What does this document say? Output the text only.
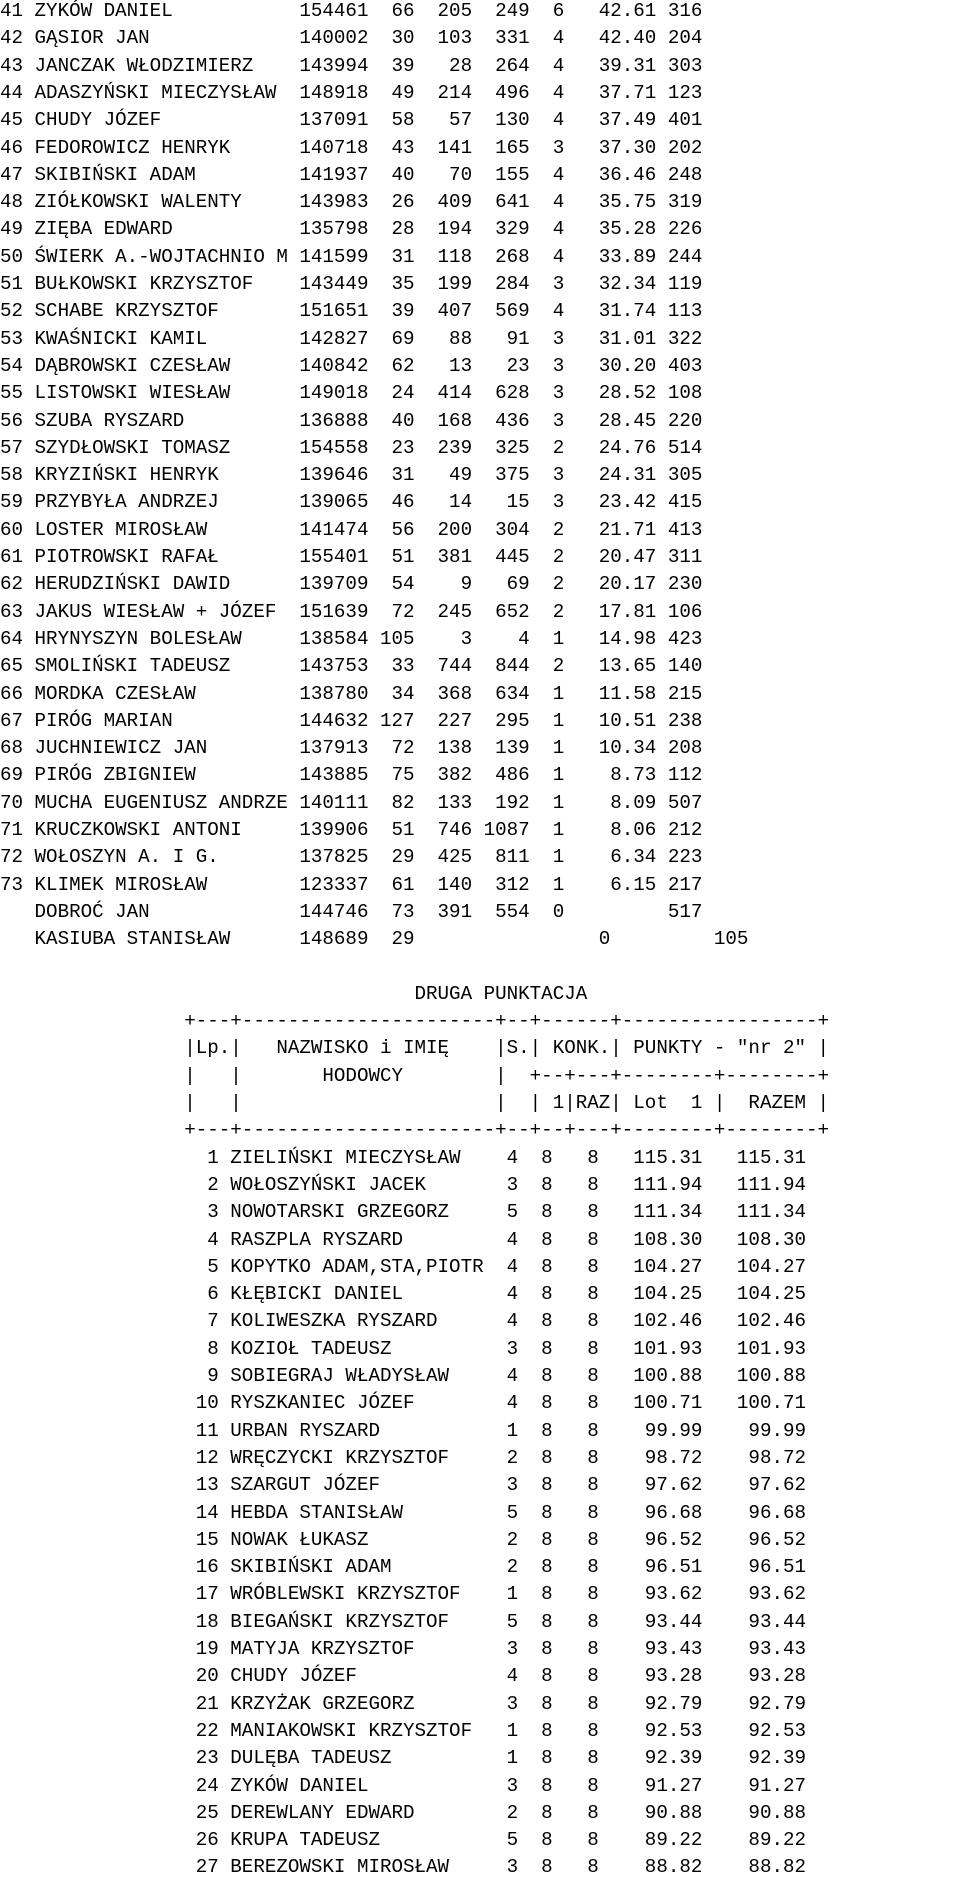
41 ZYKÓW DANIEL           154461  66  205  249  6   42.61 316
42 GĄSIOR JAN             140002  30  103  331  4   42.40 204
43 JANCZAK WŁODZIMIERZ    143994  39   28  264  4   39.31 303
44 ADASZYŃSKI MIECZYSŁAW  148918  49  214  496  4   37.71 123
45 CHUDY JÓZEF            137091  58   57  130  4   37.49 401
46 FEDOROWICZ HENRYK      140718  43  141  165  3   37.30 202
47 SKIBIŃSKI ADAM         141937  40   70  155  4   36.46 248
48 ZIÓŁKOWSKI WALENTY     143983  26  409  641  4   35.75 319
49 ZIĘBA EDWARD           135798  28  194  329  4   35.28 226
50 ŚWIERK A.-WOJTACHNIO M 141599  31  118  268  4   33.89 244
51 BUŁKOWSKI KRZYSZTOF    143449  35  199  284  3   32.34 119
52 SCHABE KRZYSZTOF       151651  39  407  569  4   31.74 113
53 KWAŚNICKI KAMIL        142827  69   88   91  3   31.01 322
54 DĄBROWSKI CZESŁAW      140842  62   13   23  3   30.20 403
55 LISTOWSKI WIESŁAW      149018  24  414  628  3   28.52 108
56 SZUBA RYSZARD          136888  40  168  436  3   28.45 220
57 SZYDŁOWSKI TOMASZ      154558  23  239  325  2   24.76 514
58 KRYZIŃSKI HENRYK       139646  31   49  375  3   24.31 305
59 PRZYBYŁA ANDRZEJ       139065  46   14   15  3   23.42 415
60 LOSTER MIROSŁAW        141474  56  200  304  2   21.71 413
61 PIOTROWSKI RAFAŁ       155401  51  381  445  2   20.47 311
62 HERUDZIŃSKI DAWID      139709  54    9   69  2   20.17 230
63 JAKUS WIESŁAW + JÓZEF  151639  72  245  652  2   17.81 106
64 HRYNYSZYN BOLESŁAW     138584 105    3    4  1   14.98 423
65 SMOLIŃSKI TADEUSZ      143753  33  744  844  2   13.65 140
66 MORDKA CZESŁAW         138780  34  368  634  1   11.58 215
67 PIRÓG MARIAN           144632 127  227  295  1   10.51 238
68 JUCHNIEWICZ JAN        137913  72  138  139  1   10.34 208
69 PIRÓG ZBIGNIEW         143885  75  382  486  1    8.73 112
70 MUCHA EUGENIUSZ ANDRZE 140111  82  133  192  1    8.09 507
71 KRUCZKOWSKI ANTONI     139906  51  746 1087  1    8.06 212
72 WOŁOSZYN A. I G.       137825  29  425  811  1    6.34 223
73 KLIMEK MIROSŁAW        123337  61  140  312  1    6.15 217
DOBROĆ JAN             144746  73  391  554  0         517
KASIUBA STANISŁAW      148689  29                0         105
DRUGA PUNKTACJA
+---+----------------------+--+------+-----------------+
|Lp.|   NAZWISKO i IMIĘ    |S.| KONK.| PUNKTY - "nr 2" |
|   |       HODOWCY        |  +--+---+--------+--------+
|   |                      |  | 1|RAZ| Lot  1 |  RAZEM |
+---+----------------------+--+--+---+--------+--------+
1 ZIELIŃSKI MIECZYSŁAW    4  8   8   115.31   115.31
2 WOŁOSZYŃSKI JACEK       3  8   8   111.94   111.94
3 NOWOTARSKI GRZEGORZ     5  8   8   111.34   111.34
4 RASZPLA RYSZARD         4  8   8   108.30   108.30
5 KOPYTKO ADAM,STA,PIOTR  4  8   8   104.27   104.27
6 KŁĘBICKI DANIEL         4  8   8   104.25   104.25
7 KOLIWESZKA RYSZARD      4  8   8   102.46   102.46
8 KOZIOŁ TADEUSZ          3  8   8   101.93   101.93
9 SOBIEGRAJ WŁADYSŁAW     4  8   8   100.88   100.88
10 RYSZKANIEC JÓZEF        4  8   8   100.71   100.71
11 URBAN RYSZARD           1  8   8    99.99    99.99
12 WRĘCZYCKI KRZYSZTOF     2  8   8    98.72    98.72
13 SZARGUT JÓZEF           3  8   8    97.62    97.62
14 HEBDA STANISŁAW         5  8   8    96.68    96.68
15 NOWAK ŁUKASZ            2  8   8    96.52    96.52
16 SKIBIŃSKI ADAM          2  8   8    96.51    96.51
17 WRÓBLEWSKI KRZYSZTOF    1  8   8    93.62    93.62
18 BIEGAŃSKI KRZYSZTOF     5  8   8    93.44    93.44
19 MATYJA KRZYSZTOF        3  8   8    93.43    93.43
20 CHUDY JÓZEF             4  8   8    93.28    93.28
21 KRZYŻAK GRZEGORZ        3  8   8    92.79    92.79
22 MANIAKOWSKI KRZYSZTOF   1  8   8    92.53    92.53
23 DULĘBA TADEUSZ          1  8   8    92.39    92.39
24 ZYKÓW DANIEL            3  8   8    91.27    91.27
25 DEREWLANY EDWARD        2  8   8    90.88    90.88
26 KRUPA TADEUSZ           5  8   8    89.22    89.22
27 BEREZOWSKI MIROSŁAW     3  8   8    88.82    88.82
